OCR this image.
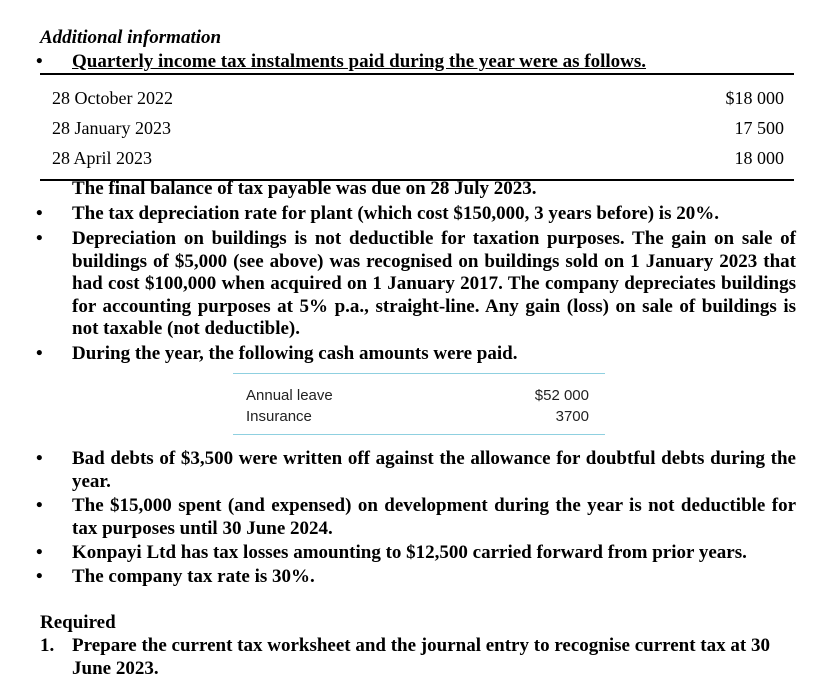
Additional information
•	Quarterly income tax instalments paid during the year were as follows.
28 October 2022	$18 000
28 January 2023	17 500
28 April 2023	18 000
The final balance of tax payable was due on 28 July 2023.
•	The tax depreciation rate for plant (which cost $150,000, 3 years before) is 20%.
•	Depreciation on buildings is not deductible for taxation purposes. The gain on sale of buildings of $5,000 (see above) was recognised on buildings sold on 1 January 2023 that had cost $100,000 when acquired on 1 January 2017. The company depreciates buildings for accounting purposes at 5% p.a., straight-line. Any gain (loss) on sale of buildings is not taxable (not deductible).
•	During the year, the following cash amounts were paid.
Annual leave	$52 000
Insurance	3700
•	Bad debts of $3,500 were written off against the allowance for doubtful debts during the year.
•	The $15,000 spent (and expensed) on development during the year is not deductible for tax purposes until 30 June 2024.
•	Konpayi Ltd has tax losses amounting to $12,500 carried forward from prior years.
•	The company tax rate is 30%.
Required
1. Prepare the current tax worksheet and the journal entry to recognise current tax at 30 June 2023.
